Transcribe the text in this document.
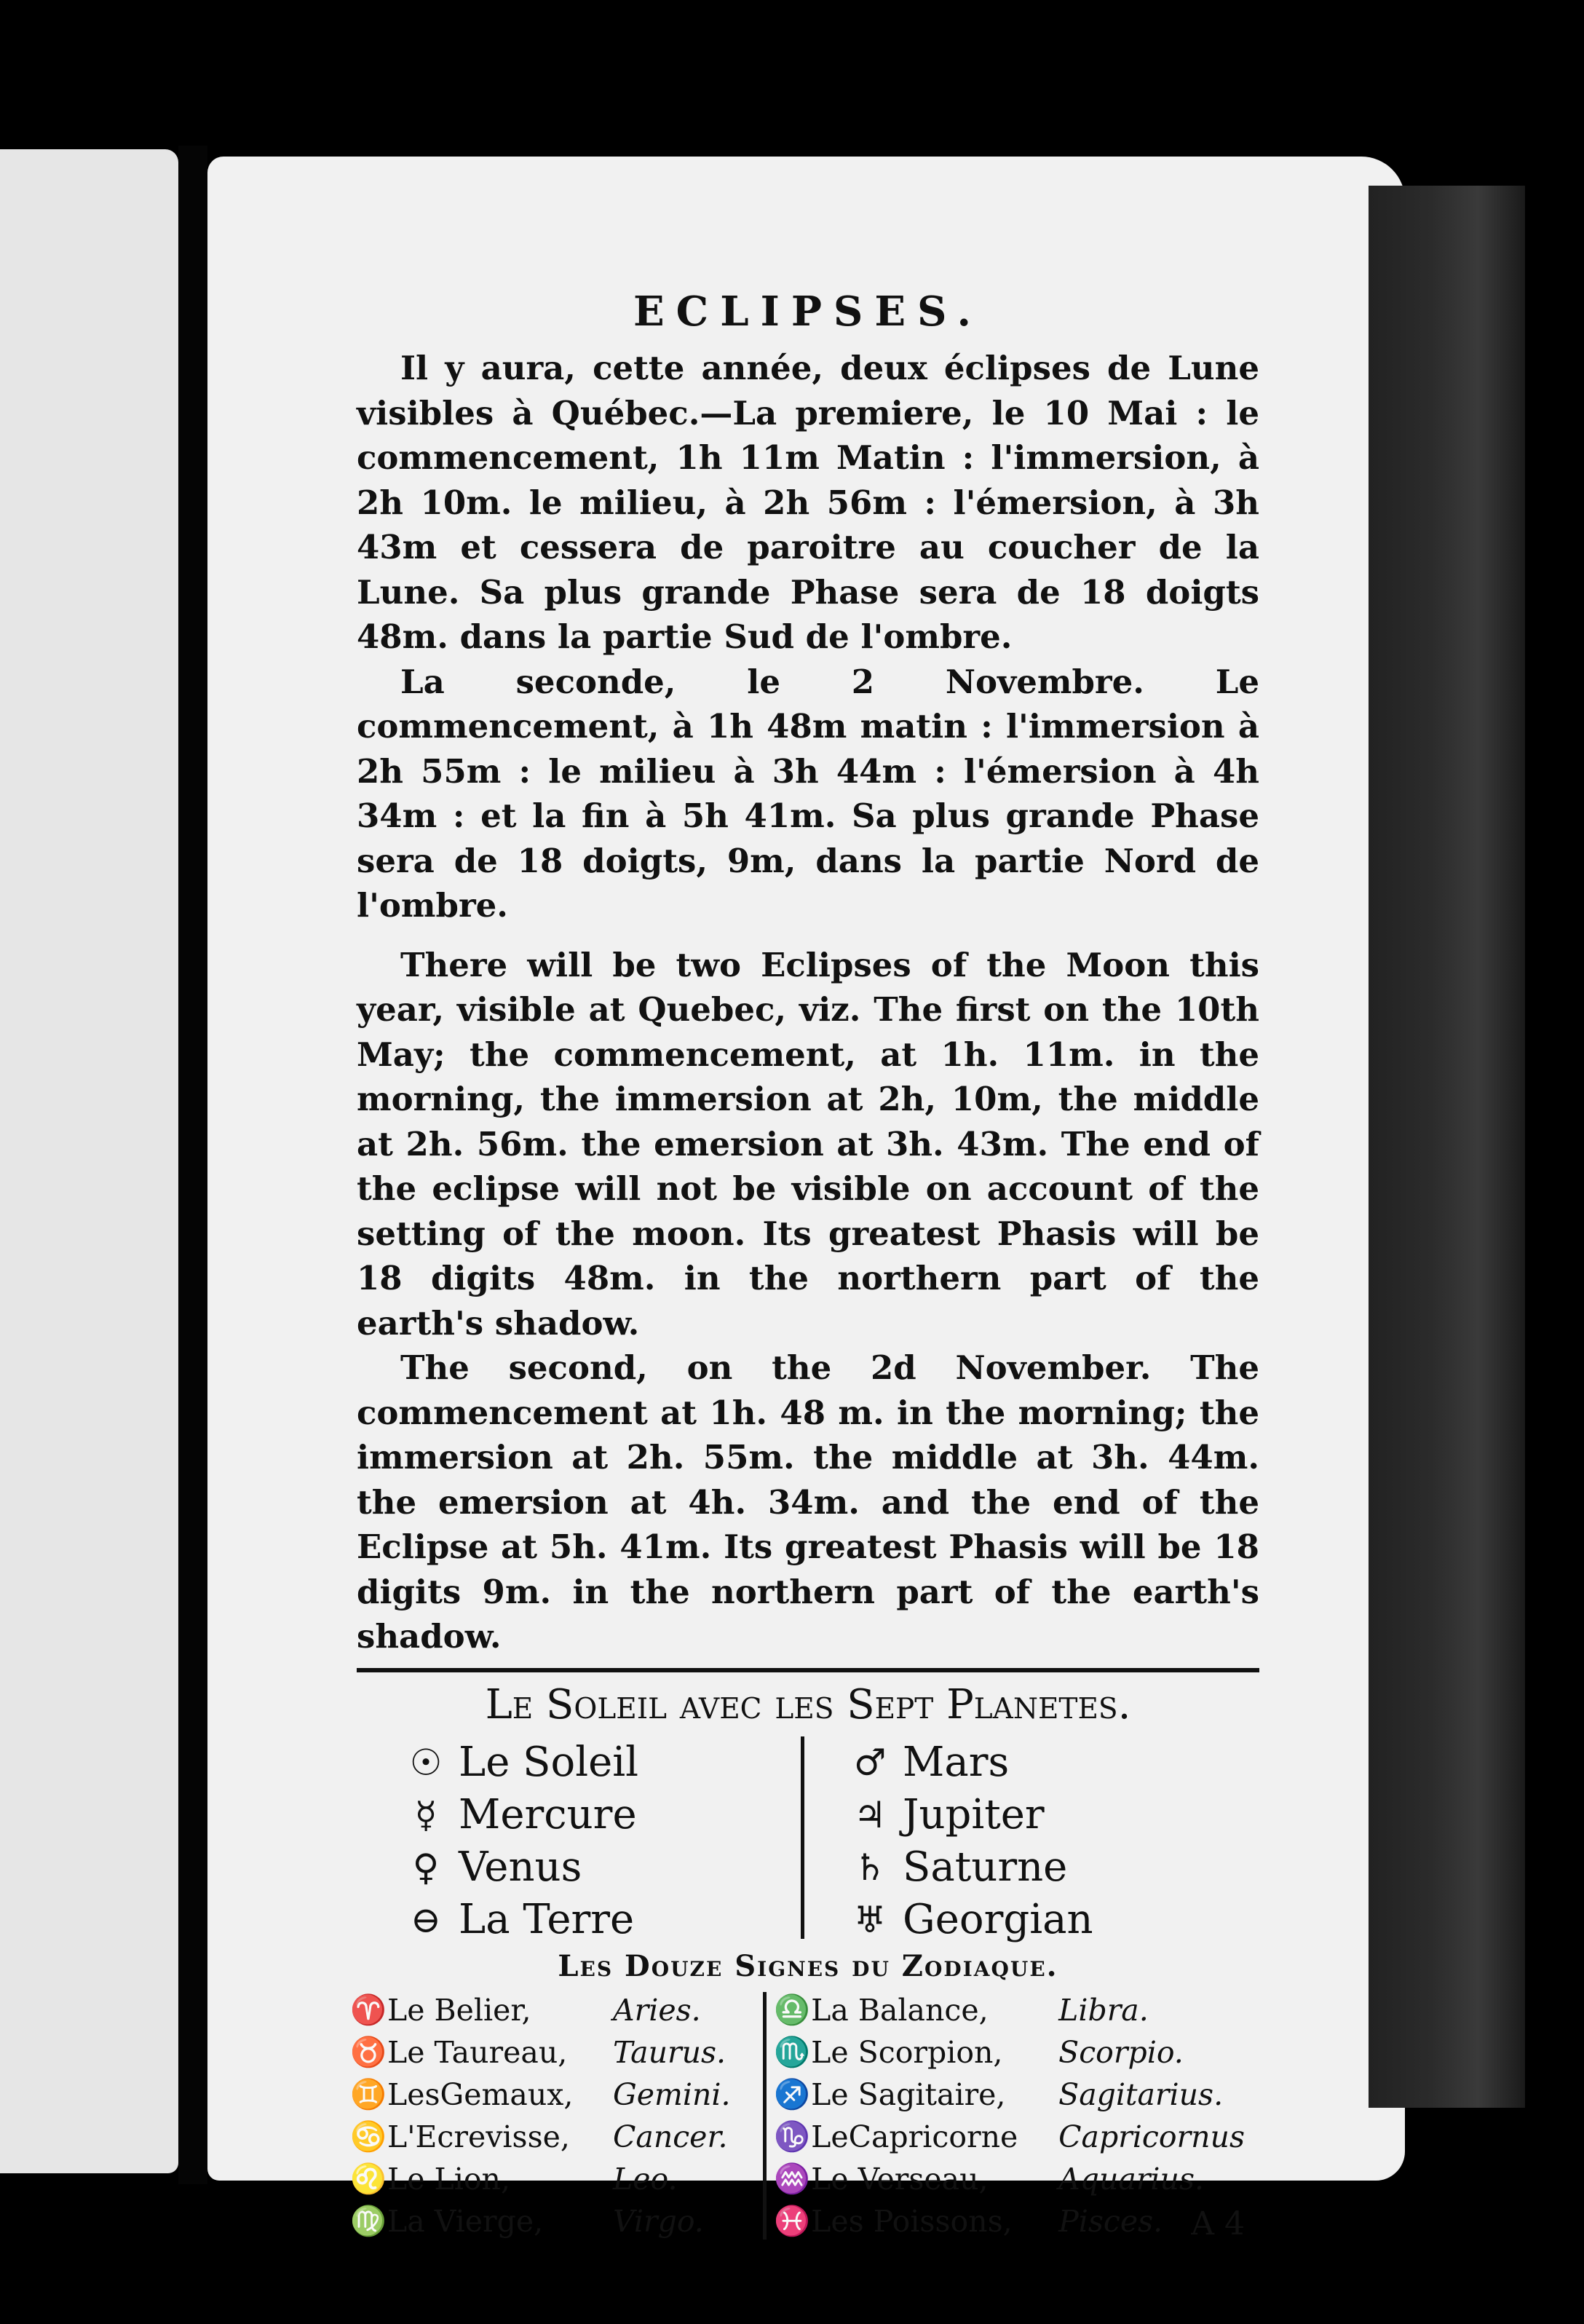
ECLIPSES.

Il y aura, cette année, deux éclipses de Lune visibles à Québec.—La premiere, le 10 Mai : le commencement, 1h 11m Matin : l'immersion, à 2h 10m. le milieu, à 2h 56m : l'émersion, à 3h 43m et cessera de paroitre au coucher de la Lune. Sa plus grande Phase sera de 18 doigts 48m. dans la partie Sud de l'ombre.

La seconde, le 2 Novembre. Le commencement, à 1h 48m matin : l'immersion à 2h 55m : le milieu à 3h 44m : l'émersion à 4h 34m : et la fin à 5h 41m. Sa plus grande Phase sera de 18 doigts, 9m, dans la partie Nord de l'ombre.

There will be two Eclipses of the Moon this year, visible at Quebec, viz. The first on the 10th May; the commencement, at 1h. 11m. in the morning, the immersion at 2h, 10m, the middle at 2h. 56m. the emersion at 3h. 43m. The end of the eclipse will not be visible on account of the setting of the moon. Its greatest Phasis will be 18 digits 48m. in the northern part of the earth's shadow.

The second, on the 2d November. The commencement at 1h. 48 m. in the morning; the immersion at 2h. 55m. the middle at 3h. 44m. the emersion at 4h. 34m. and the end of the Eclipse at 5h. 41m. Its greatest Phasis will be 18 digits 9m. in the northern part of the earth's shadow.

Le Soleil avec les Sept Planetes.
☉ Le Soleil
☿ Mercure
♀ Venus
⊖ La Terre
♂ Mars
♃ Jupiter
♄ Saturne
♅ Georgian
Les Douze Signes du Zodiaque.
♈ Le Belier,	Aries.
♉ Le Taureau,	Taurus.
♊ LesGemaux,	Gemini.
♋ L'Ecrevisse,	Cancer.
♌ Le Lion,	Leo.
♍ La Vierge,	Virgo.
♎ La Balance,	Libra.
♏ Le Scorpion,	Scorpio.
♐ Le Sagitaire,	Sagitarius.
♑ LeCapricorne	Capricornus
♒ Le Verseau,	Aquarius.
♓ Les Poissons,	Pisces. A 4
